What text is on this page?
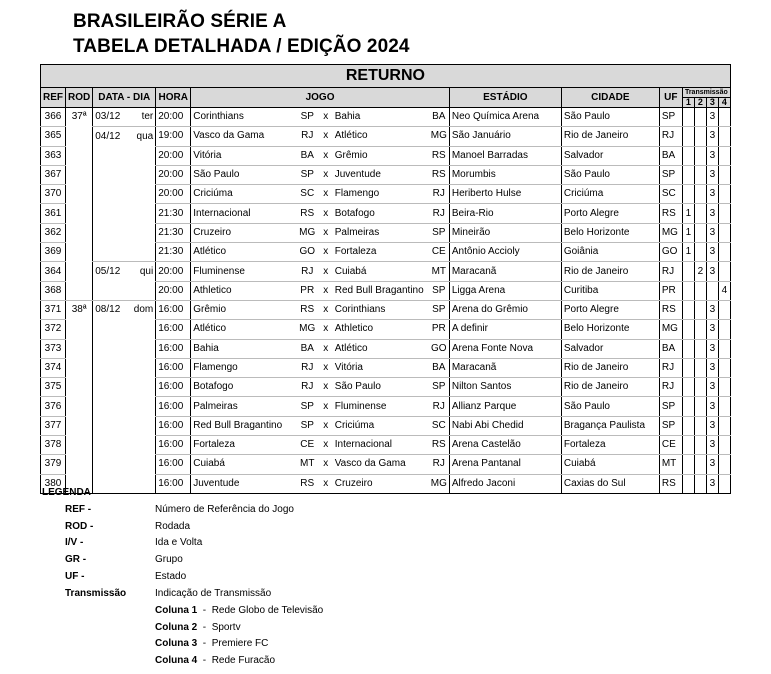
BRASILEIRÃO SÉRIE A
TABELA DETALHADA / EDIÇÃO 2024
RETURNO																
REF	ROD	DATA - DIA		HORA	JOGO					ESTÁDIO	CIDADE	UF	Transmissão			
													1	2	3	4
366	37ª	03/12	ter	20:00	Corinthians	SP	x	Bahia	BA	Neo Química Arena	São Paulo	SP			3	
365		04/12	qua	19:00	Vasco da Gama	RJ	x	Atlético	MG	São Januário	Rio de Janeiro	RJ			3	
363				20:00	Vitória	BA	x	Grêmio	RS	Manoel Barradas	Salvador	BA			3	
367				20:00	São Paulo	SP	x	Juventude	RS	Morumbis	São Paulo	SP			3	
370				20:00	Criciúma	SC	x	Flamengo	RJ	Heriberto Hulse	Criciúma	SC			3	
361				21:30	Internacional	RS	x	Botafogo	RJ	Beira-Rio	Porto Alegre	RS	1		3	
362				21:30	Cruzeiro	MG	x	Palmeiras	SP	Mineirão	Belo Horizonte	MG	1		3	
369				21:30	Atlético	GO	x	Fortaleza	CE	Antônio Accioly	Goiânia	GO	1		3	
364		05/12	qui	20:00	Fluminense	RJ	x	Cuiabá	MT	Maracanã	Rio de Janeiro	RJ		2	3	
368				20:00	Athletico	PR	x	Red Bull Bragantino	SP	Ligga Arena	Curitiba	PR				4
371	38ª	08/12	dom	16:00	Grêmio	RS	x	Corinthians	SP	Arena do Grêmio	Porto Alegre	RS			3	
372				16:00	Atlético	MG	x	Athletico	PR	A definir	Belo Horizonte	MG			3	
373				16:00	Bahia	BA	x	Atlético	GO	Arena Fonte Nova	Salvador	BA			3	
374				16:00	Flamengo	RJ	x	Vitória	BA	Maracanã	Rio de Janeiro	RJ			3	
375				16:00	Botafogo	RJ	x	São Paulo	SP	Nilton Santos	Rio de Janeiro	RJ			3	
376				16:00	Palmeiras	SP	x	Fluminense	RJ	Allianz Parque	São Paulo	SP			3	
377				16:00	Red Bull Bragantino	SP	x	Criciúma	SC	Nabi Abi Chedid	Bragança Paulista	SP			3	
378				16:00	Fortaleza	CE	x	Internacional	RS	Arena Castelão	Fortaleza	CE			3	
379				16:00	Cuiabá	MT	x	Vasco da Gama	RJ	Arena Pantanal	Cuiabá	MT			3	
380				16:00	Juventude	RS	x	Cruzeiro	MG	Alfredo Jaconi	Caxias do Sul	RS			3	
LEGENDA
REF -	Número de Referência do Jogo
ROD -	Rodada
I/V -	Ida e Volta
GR -	Grupo
UF -	Estado
Transmissão	Indicação de Transmissão
Coluna 1  -  Rede Globo de Televisão
Coluna 2  -  Sportv
Coluna 3  -  Premiere FC
Coluna 4  -  Rede Furacão
